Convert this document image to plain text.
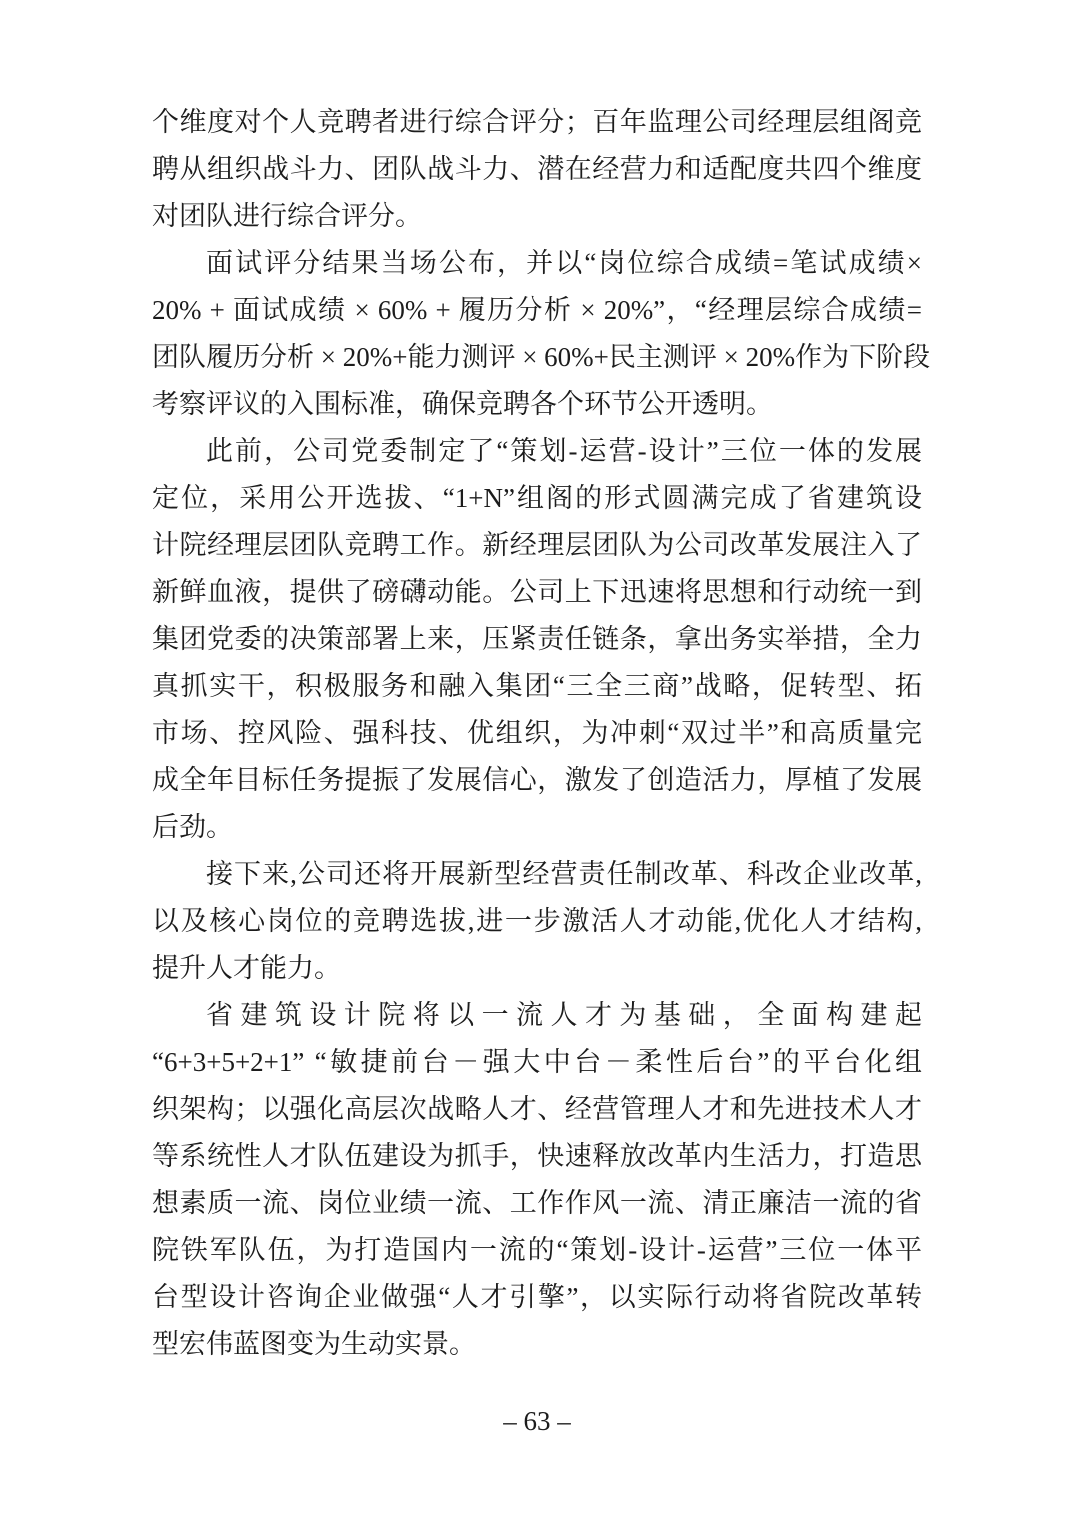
个维度对个人竞聘者进行综合评分；百年监理公司经理层组阁竞
聘从组织战斗力、团队战斗力、潜在经营力和适配度共四个维度
对团队进行综合评分。
面试评分结果当场公布，并以“岗位综合成绩=笔试成绩×
20% + 面试成绩 × 60% + 履历分析 × 20%”，“经理层综合成绩=
团队履历分析 × 20%+能力测评 × 60%+民主测评 × 20%作为下阶段
考察评议的入围标准，确保竞聘各个环节公开透明。
此前，公司党委制定了“策划-运营-设计”三位一体的发展
定位，采用公开选拔、“1+N”组阁的形式圆满完成了省建筑设
计院经理层团队竞聘工作。新经理层团队为公司改革发展注入了
新鲜血液，提供了磅礴动能。公司上下迅速将思想和行动统一到
集团党委的决策部署上来，压紧责任链条，拿出务实举措，全力
真抓实干，积极服务和融入集团“三全三商”战略，促转型、拓
市场、控风险、强科技、优组织，为冲刺“双过半”和高质量完
成全年目标任务提振了发展信心，激发了创造活力，厚植了发展
后劲。
接下来,公司还将开展新型经营责任制改革、科改企业改革,
以及核心岗位的竞聘选拔,进一步激活人才动能,优化人才结构,
提升人才能力。
省建筑设计院将以一流人才为基础，全面构建起
“6+3+5+2+1” “敏捷前台－强大中台－柔性后台”的平台化组
织架构；以强化高层次战略人才、经营管理人才和先进技术人才
等系统性人才队伍建设为抓手，快速释放改革内生活力，打造思
想素质一流、岗位业绩一流、工作作风一流、清正廉洁一流的省
院铁军队伍，为打造国内一流的“策划-设计-运营”三位一体平
台型设计咨询企业做强“人才引擎”，以实际行动将省院改革转
型宏伟蓝图变为生动实景。
– 63 –
